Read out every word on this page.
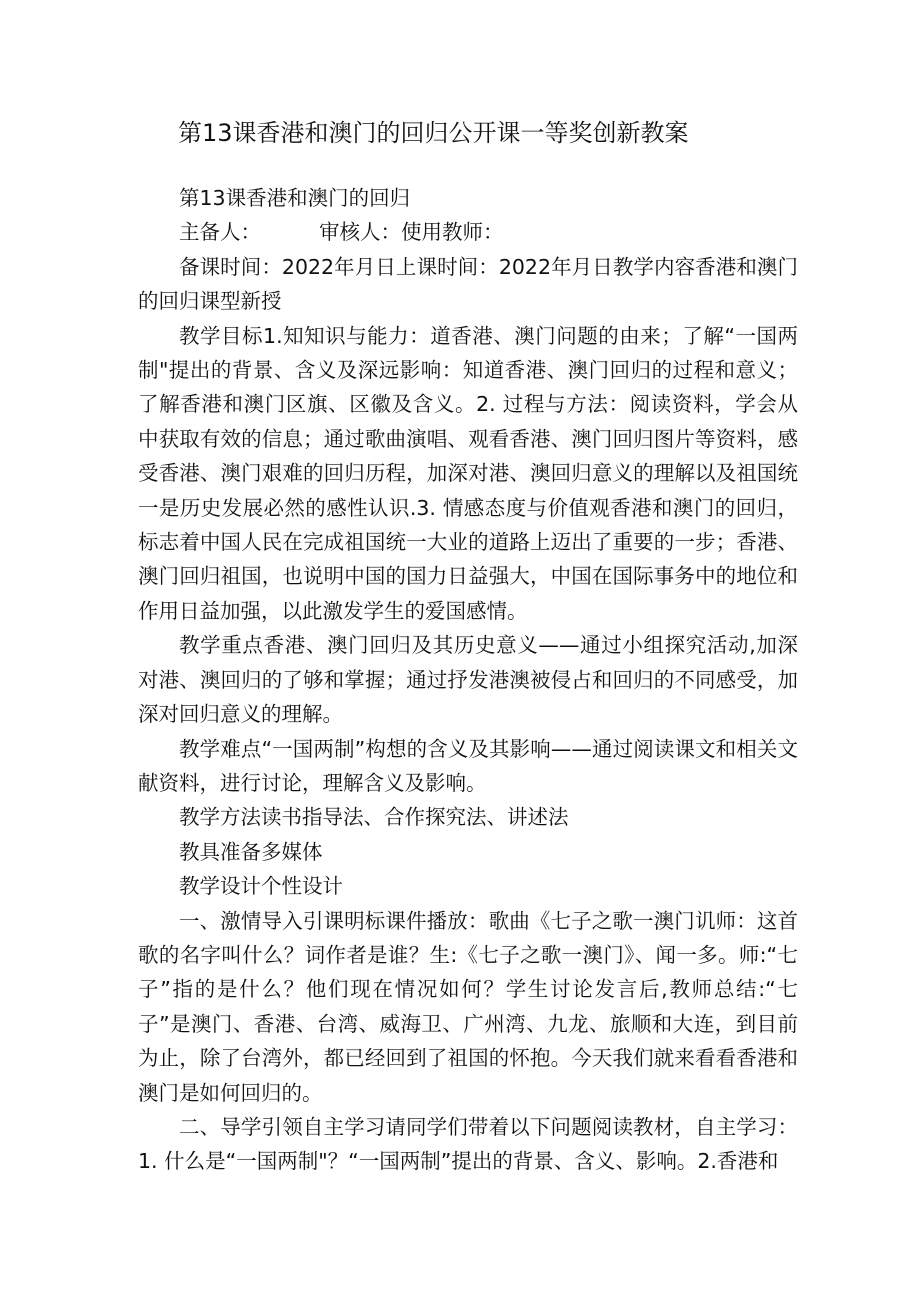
第13课香港和澳门的回归公开课一等奖创新教案

第13课香港和澳门的回归

主备人：	审核人：使用教师：

备课时间：2022年月日上课时间：2022年月日教学内容香港和澳门的回归课型新授

教学目标1.知知识与能力：道香港、澳门问题的由来；了解“一国两制"提出的背景、含义及深远影响：知道香港、澳门回归的过程和意义；了解香港和澳门区旗、区徽及含义。2. 过程与方法：阅读资料，学会从中获取有效的信息；通过歌曲演唱、观看香港、澳门回归图片等资料，感受香港、澳门艰难的回归历程，加深对港、澳回归意义的理解以及祖国统一是历史发展必然的感性认识.3. 情感态度与价值观香港和澳门的回归，标志着中国人民在完成祖国统一大业的道路上迈出了重要的一步；香港、澳门回归祖国，也说明中国的国力日益强大，中国在国际事务中的地位和作用日益加强，以此激发学生的爱国感情。

教学重点香港、澳门回归及其历史意义——通过小组探究活动,加深对港、澳回归的了够和掌握；通过抒发港澳被侵占和回归的不同感受，加深对回归意义的理解。

教学难点“一国两制”构想的含义及其影响——通过阅读课文和相关文献资料，进行讨论，理解含义及影响。

教学方法读书指导法、合作探究法、讲述法

教具准备多媒体

教学设计个性设计

一、激情导入引课明标课件播放：歌曲《七子之歌一澳门讥师：这首歌的名字叫什么？词作者是谁？生:《七子之歌一澳门》、闻一多。师:“七子”指的是什么？他们现在情况如何？学生讨论发言后,教师总结:“七子”是澳门、香港、台湾、威海卫、广州湾、九龙、旅顺和大连，到目前为止，除了台湾外，都已经回到了祖国的怀抱。今天我们就来看看香港和澳门是如何回归的。

二、导学引领自主学习请同学们带着以下问题阅读教材，自主学习：1. 什么是“一国两制"？“一国两制”提出的背景、含义、影响。2.香港和
